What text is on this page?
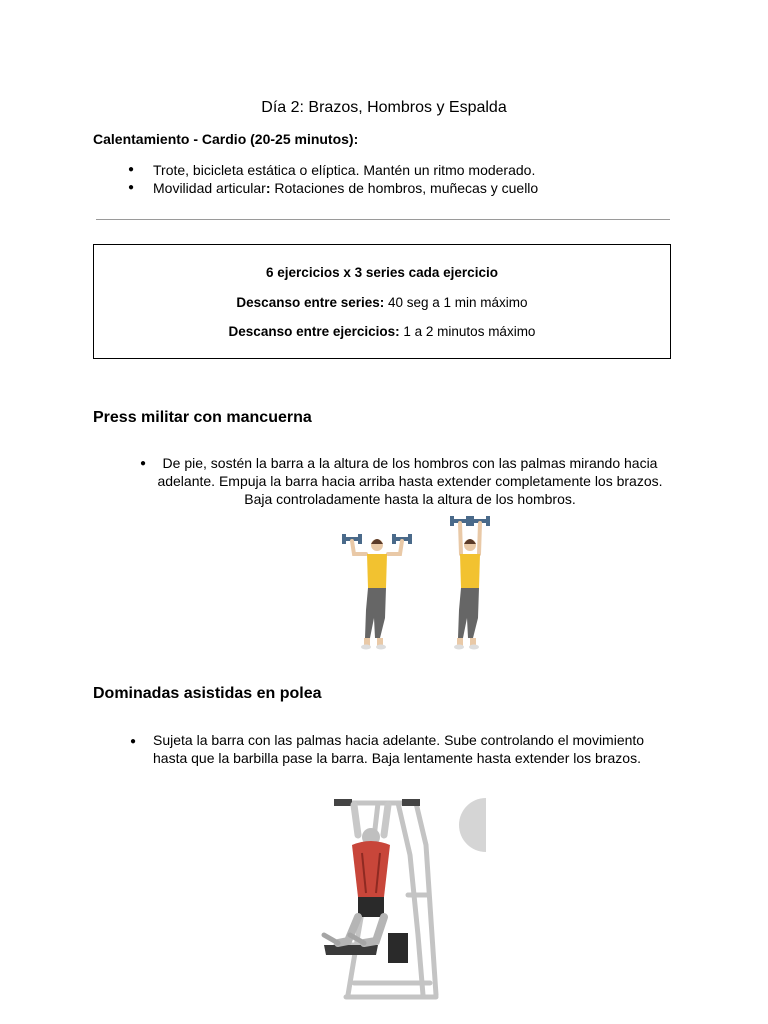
Día 2: Brazos, Hombros y Espalda
Calentamiento - Cardio (20-25 minutos):
● Trote, bicicleta estática o elíptica. Mantén un ritmo moderado.
● Movilidad articular: Rotaciones de hombros, muñecas y cuello
6 ejercicios x 3 series cada ejercicio
Descanso entre series: 40 seg a 1 min máximo
Descanso entre ejercicios: 1 a 2 minutos máximo
Press militar con mancuerna
●	De pie, sostén la barra a la altura de los hombros con las palmas mirando hacia
adelante. Empuja la barra hacia arriba hasta extender completamente los brazos.
Baja controladamente hasta la altura de los hombros.
Dominadas asistidas en polea
● Sujeta la barra con las palmas hacia adelante. Sube controlando el movimiento
hasta que la barbilla pase la barra. Baja lentamente hasta extender los brazos.
